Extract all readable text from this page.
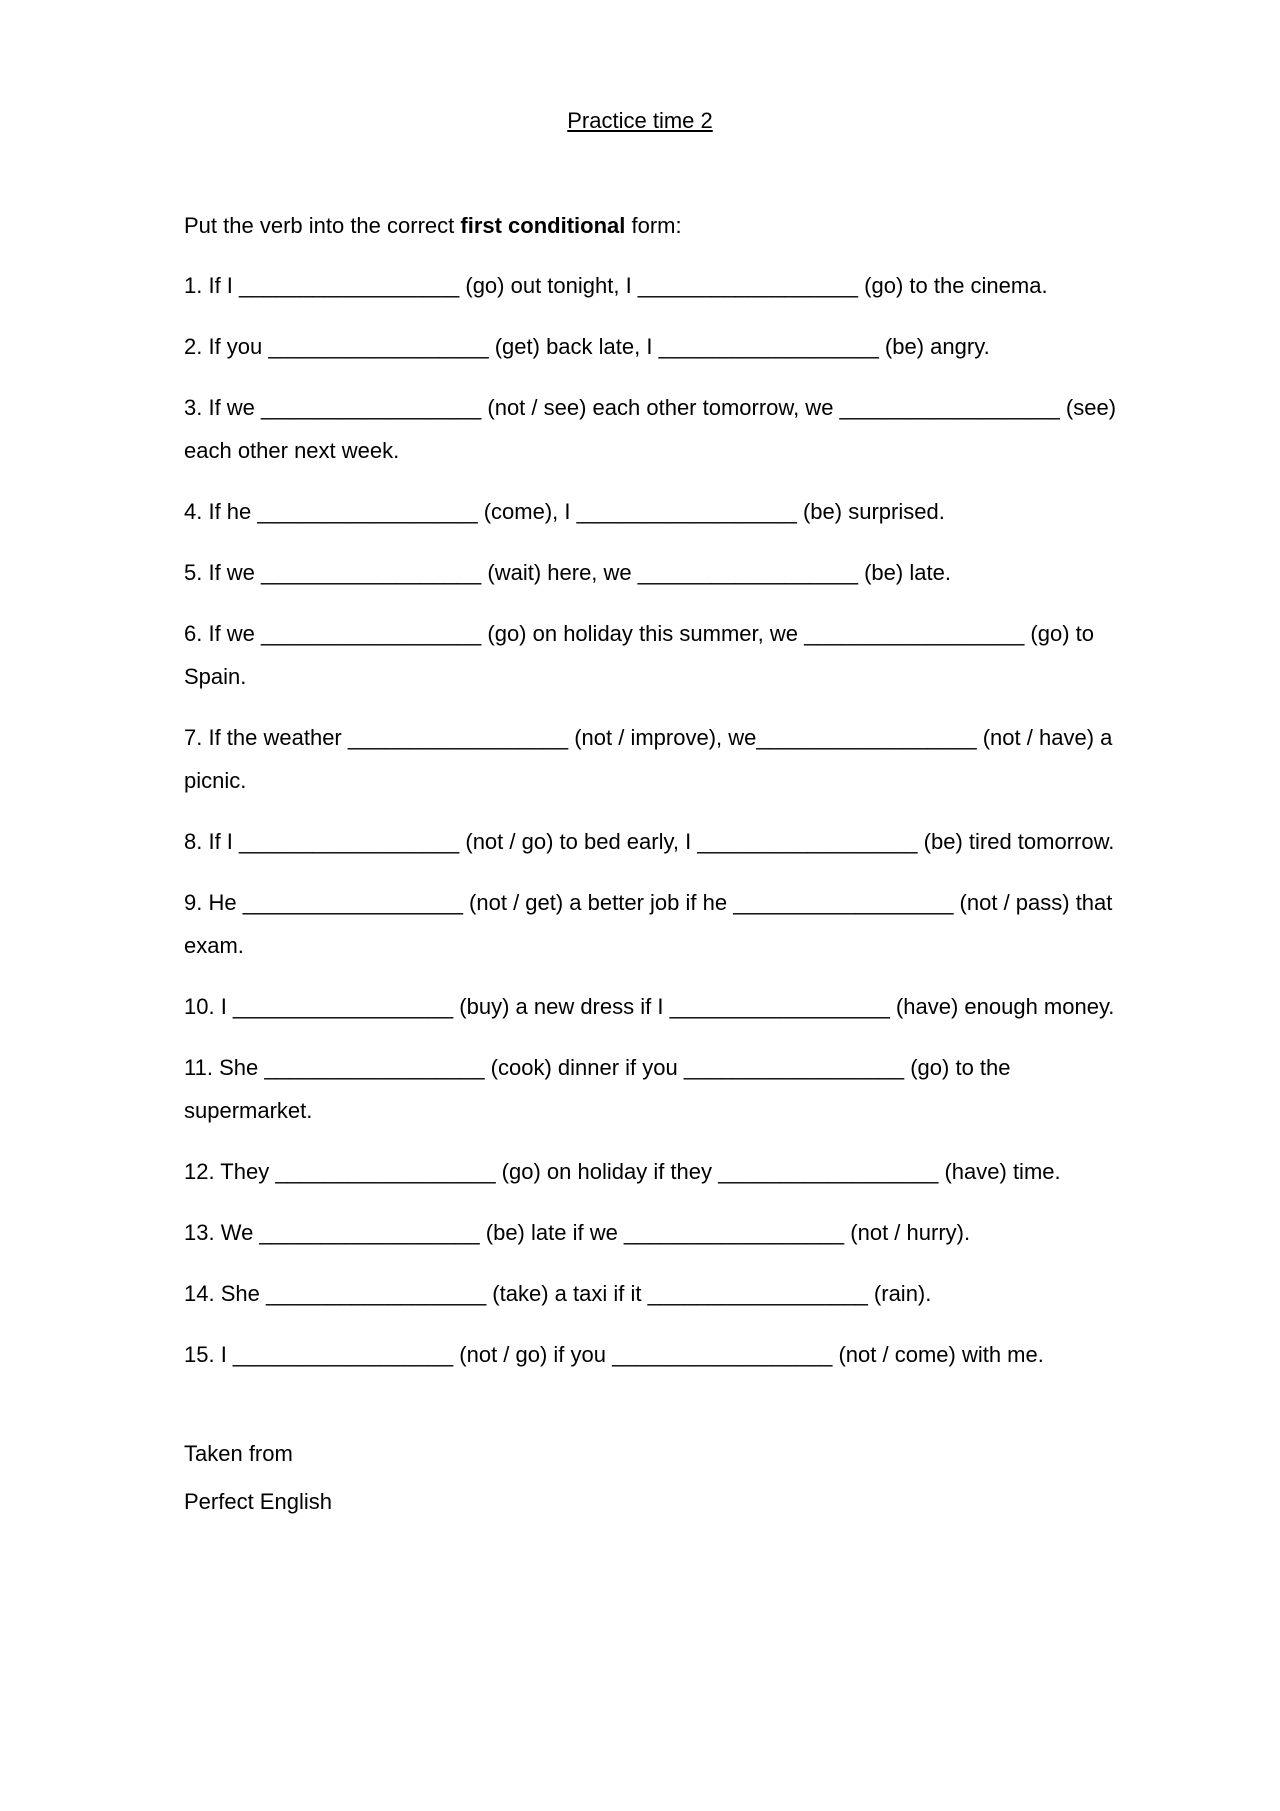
Practice time 2
Put the verb into the correct first conditional form:
1. If I __________________ (go) out tonight, I __________________ (go) to the cinema.
2. If you __________________ (get) back late, I __________________ (be) angry.
3. If we __________________ (not / see) each other tomorrow, we __________________ (see) each other next week.
4. If he __________________ (come), I __________________ (be) surprised.
5. If we __________________ (wait) here, we __________________ (be) late.
6. If we __________________ (go) on holiday this summer, we __________________ (go) to Spain.
7. If the weather __________________ (not / improve), we__________________ (not / have) a picnic.
8. If I __________________ (not / go) to bed early, I __________________ (be) tired tomorrow.
9. He __________________ (not / get) a better job if he __________________ (not / pass) that exam.
10. I __________________ (buy) a new dress if I __________________ (have) enough money.
11. She __________________ (cook) dinner if you __________________ (go) to the supermarket.
12. They __________________ (go) on holiday if they __________________ (have) time.
13. We __________________ (be) late if we __________________ (not / hurry).
14. She __________________ (take) a taxi if it __________________ (rain).
15. I __________________ (not / go) if you __________________ (not / come) with me.
Taken from
Perfect English
